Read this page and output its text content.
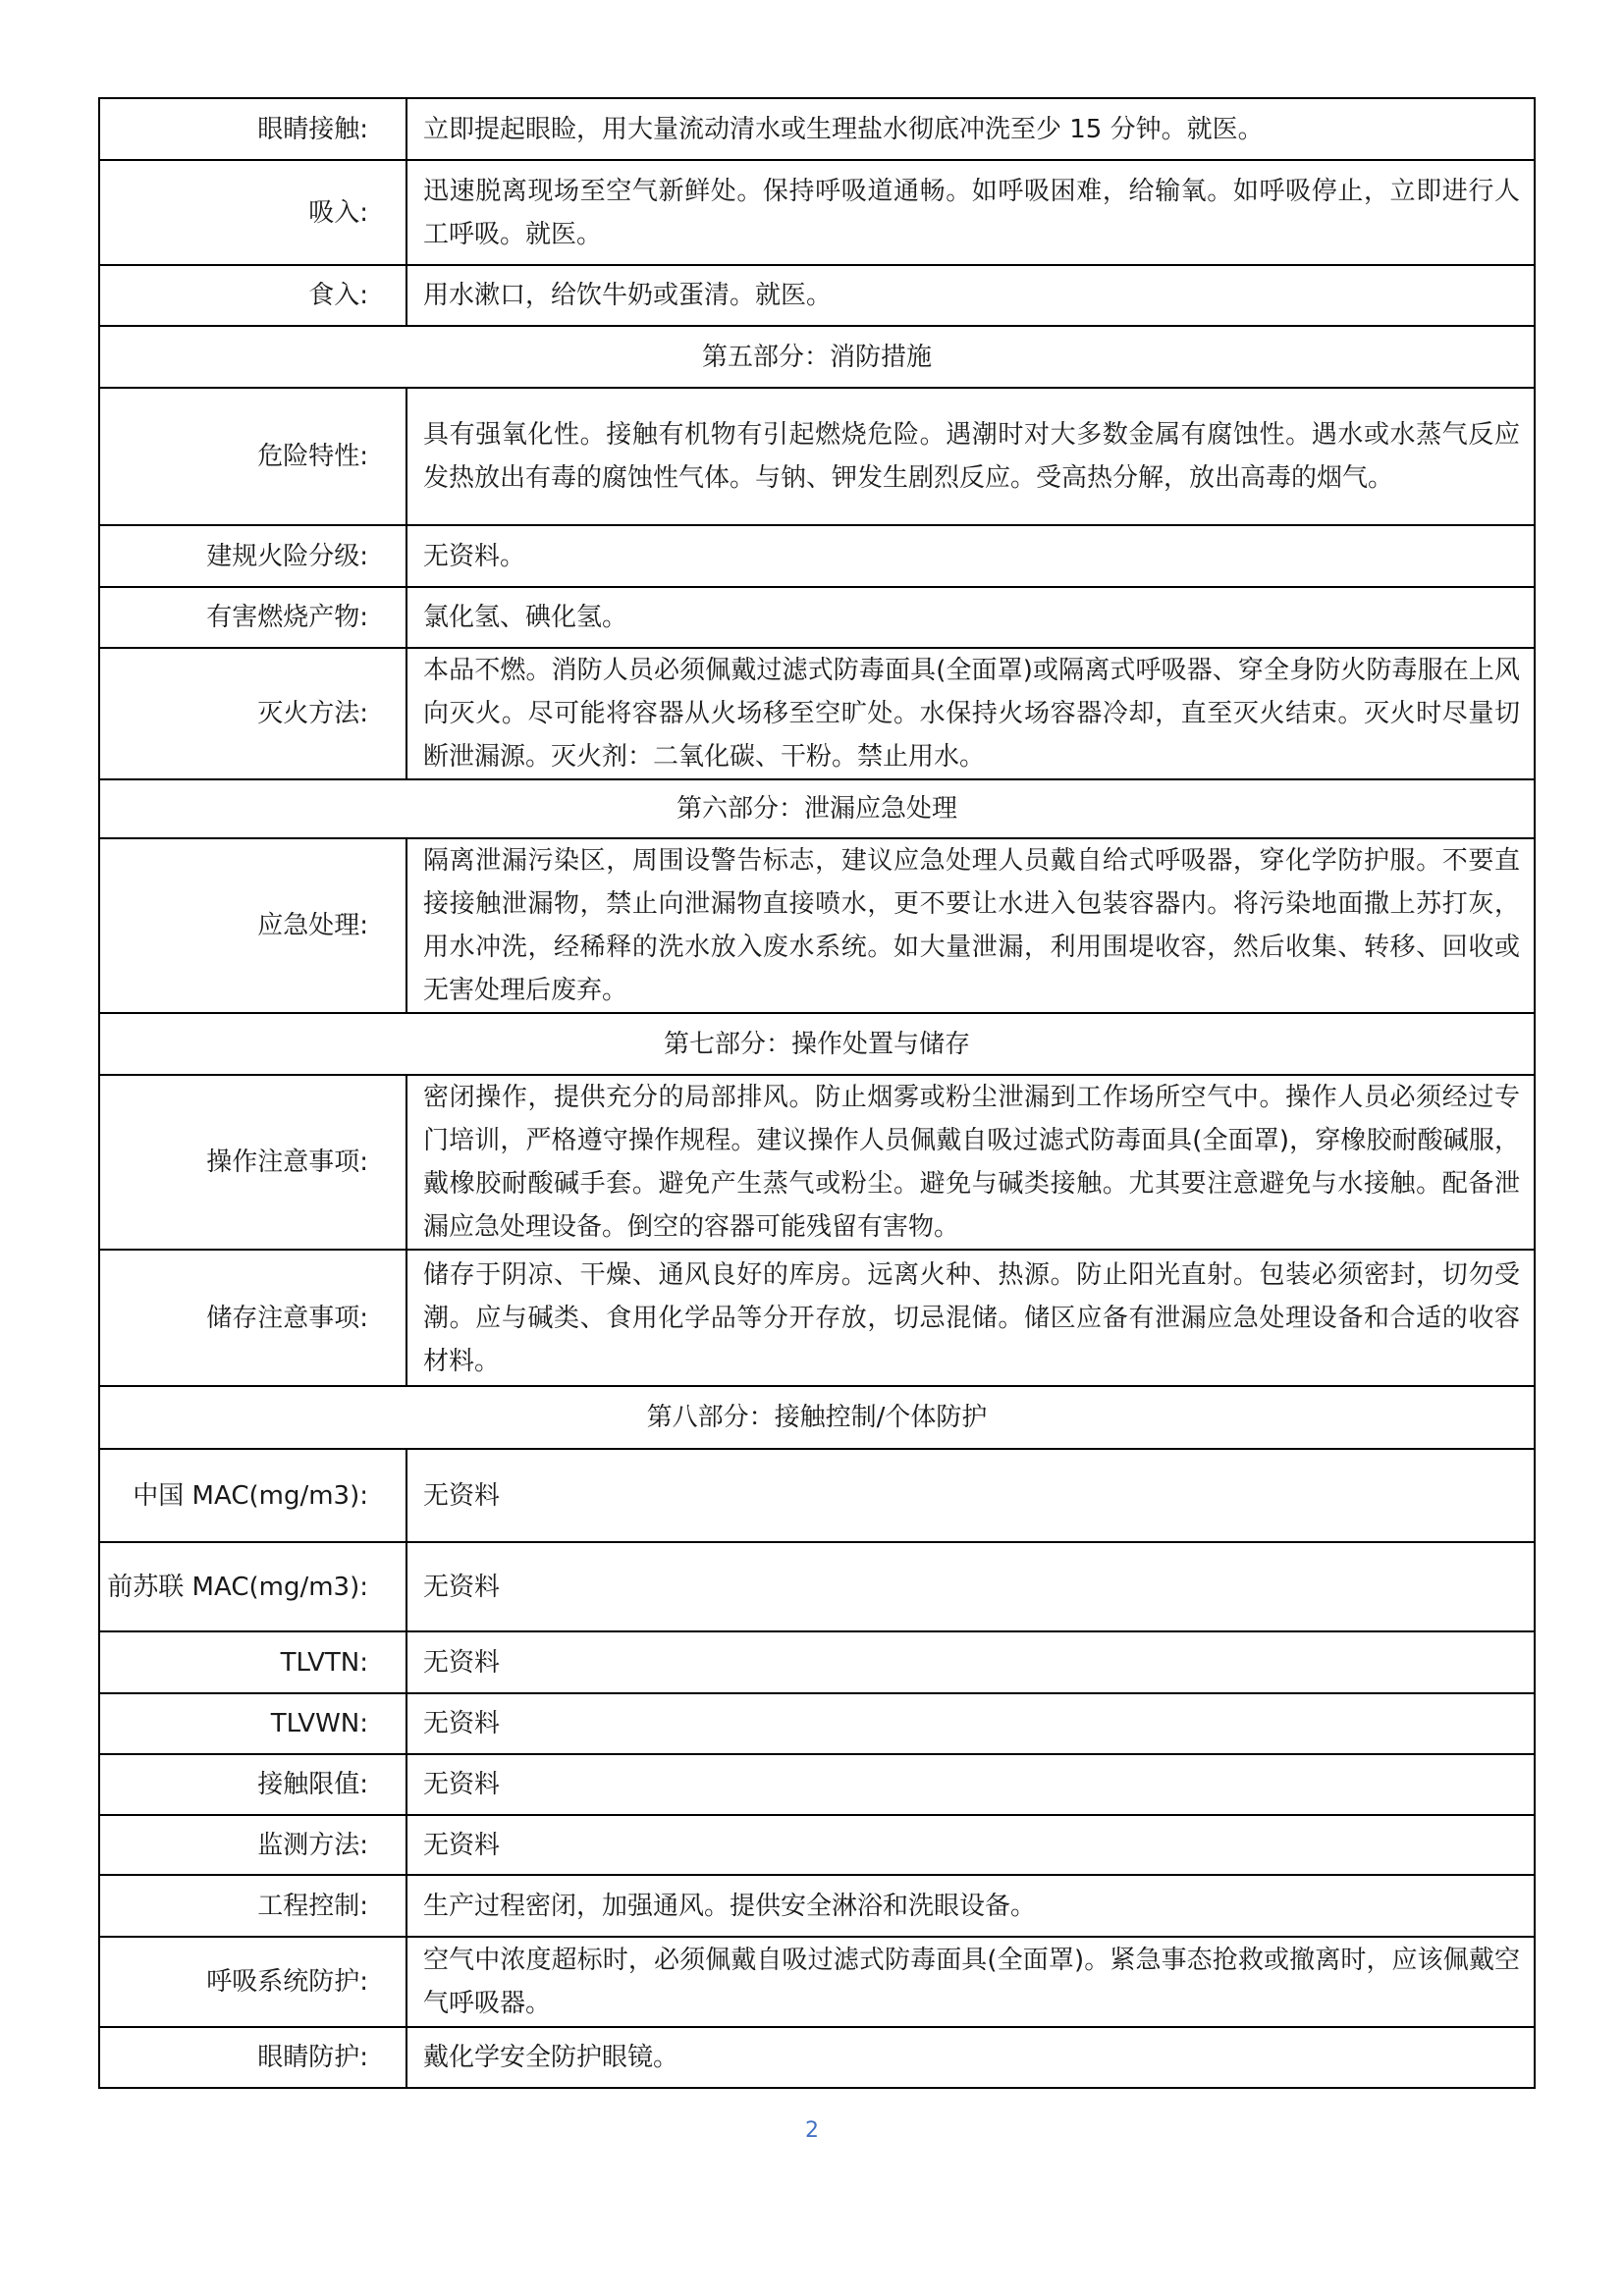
眼睛接触:	立即提起眼睑，用大量流动清水或生理盐水彻底冲洗至少 15 分钟。就医。
吸入:	迅速脱离现场至空气新鲜处。保持呼吸道通畅。如呼吸困难，给输氧。如呼吸停止，立即进行人工呼吸。就医。
食入:	用水漱口，给饮牛奶或蛋清。就医。
第五部分：消防措施	
危险特性:	具有强氧化性。接触有机物有引起燃烧危险。遇潮时对大多数金属有腐蚀性。遇水或水蒸气反应发热放出有毒的腐蚀性气体。与钠、钾发生剧烈反应。受高热分解，放出高毒的烟气。
建规火险分级:	无资料。
有害燃烧产物:	氯化氢、碘化氢。
灭火方法:	本品不燃。消防人员必须佩戴过滤式防毒面具(全面罩)或隔离式呼吸器、穿全身防火防毒服在上风向灭火。尽可能将容器从火场移至空旷处。水保持火场容器冷却，直至灭火结束。灭火时尽量切断泄漏源。灭火剂：二氧化碳、干粉。禁止用水。
第六部分：泄漏应急处理	
应急处理:	隔离泄漏污染区，周围设警告标志，建议应急处理人员戴自给式呼吸器，穿化学防护服。不要直接接触泄漏物，禁止向泄漏物直接喷水，更不要让水进入包装容器内。将污染地面撒上苏打灰，用水冲洗，经稀释的洗水放入废水系统。如大量泄漏，利用围堤收容，然后收集、转移、回收或无害处理后废弃。
第七部分：操作处置与储存	
操作注意事项:	密闭操作，提供充分的局部排风。防止烟雾或粉尘泄漏到工作场所空气中。操作人员必须经过专门培训，严格遵守操作规程。建议操作人员佩戴自吸过滤式防毒面具(全面罩)，穿橡胶耐酸碱服，戴橡胶耐酸碱手套。避免产生蒸气或粉尘。避免与碱类接触。尤其要注意避免与水接触。配备泄漏应急处理设备。倒空的容器可能残留有害物。
储存注意事项:	储存于阴凉、干燥、通风良好的库房。远离火种、热源。防止阳光直射。包装必须密封，切勿受潮。应与碱类、食用化学品等分开存放，切忌混储。储区应备有泄漏应急处理设备和合适的收容材料。
第八部分：接触控制/个体防护	
中国 MAC(mg/m3):	无资料
前苏联 MAC(mg/m3):	无资料
TLVTN:	无资料
TLVWN:	无资料
接触限值:	无资料
监测方法:	无资料
工程控制:	生产过程密闭，加强通风。提供安全淋浴和洗眼设备。
呼吸系统防护:	空气中浓度超标时，必须佩戴自吸过滤式防毒面具(全面罩)。紧急事态抢救或撤离时，应该佩戴空气呼吸器。
眼睛防护:	戴化学安全防护眼镜。
2
